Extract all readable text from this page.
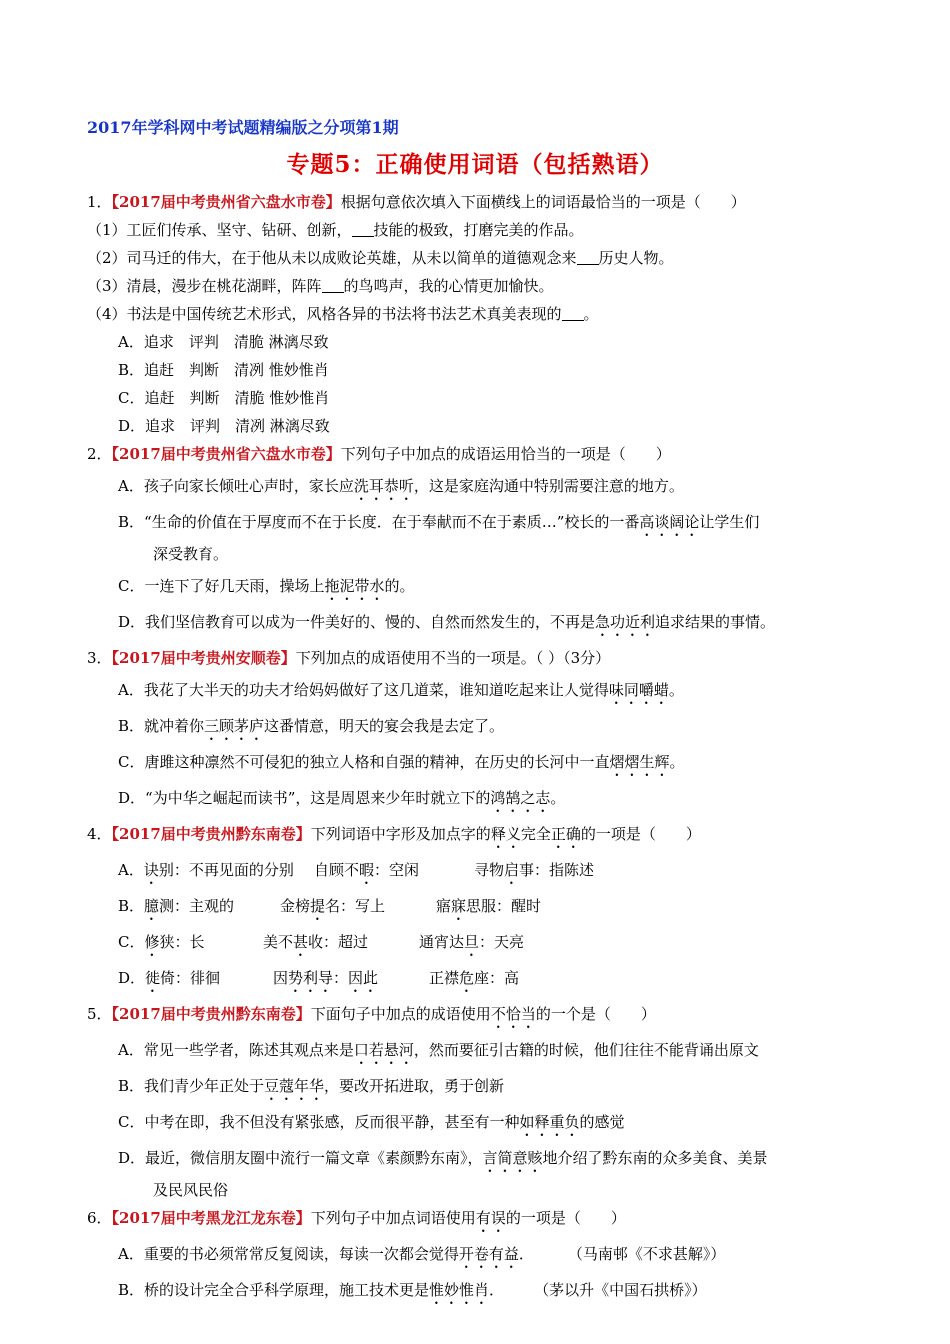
2017年学科网中考试题精编版之分项第1期
专题5：正确使用词语（包括熟语）
1．【2017届中考贵州省六盘水市卷】根据句意依次填入下面横线上的词语最恰当的一项是（　　）
（1）工匠们传承、坚守、钻研、创新， 技能的极致，打磨完美的作品。
（2）司马迁的伟大，在于他从未以成败论英雄，从未以简单的道德观念来 历史人物。
（3）清晨，漫步在桃花湖畔，阵阵 的鸟鸣声，我的心情更加愉快。
（4）书法是中国传统艺术形式，风格各异的书法将书法艺术真美表现的 。
A．追求　评判　清脆 淋漓尽致
B．追赶　判断　清冽 惟妙惟肖
C．追赶　判断　清脆 惟妙惟肖
D．追求　评判　清冽 淋漓尽致
2．【2017届中考贵州省六盘水市卷】下列句子中加点的成语运用恰当的一项是（　　）
A．孩子向家长倾吐心声时，家长应洗耳恭听，这是家庭沟通中特别需要注意的地方。
B．“生命的价值在于厚度而不在于长度．在于奉献而不在于素质…”校长的一番高谈阔论让学生们
深受教育。
C．一连下了好几天雨，操场上拖泥带水的。
D．我们坚信教育可以成为一件美好的、慢的、自然而然发生的，不再是急功近利追求结果的事情。
3．【2017届中考贵州安顺卷】下列加点的成语使用不当的一项是。（ ）（3分）
A．我花了大半天的功夫才给妈妈做好了这几道菜，谁知道吃起来让人觉得味同嚼蜡。
B．就冲着你三顾茅庐这番情意，明天的宴会我是去定了。
C．唐雎这种凛然不可侵犯的独立人格和自强的精神，在历史的长河中一直熠熠生辉。
D．“为中华之崛起而读书”，这是周恩来少年时就立下的鸿鹄之志。
4．【2017届中考贵州黔东南卷】下列词语中字形及加点字的释义完全正确的一项是（　　）
A．诀别：不再见面的分别 自顾不暇：空闲	寻物启事：指陈述
B．臆测：主观的	金榜提名：写上	寤寐思服：醒时
C．修狭：长	美不甚收：超过	通宵达旦：天亮
D．徙倚：徘徊	因势利导：因此	正襟危座：高
5．【2017届中考贵州黔东南卷】下面句子中加点的成语使用不恰当的一个是（　　）
A．常见一些学者，陈述其观点来是口若悬河，然而要征引古籍的时候，他们往往不能背诵出原文
B．我们青少年正处于豆蔻年华，要改开拓进取，勇于创新
C．中考在即，我不但没有紧张感，反而很平静，甚至有一种如释重负的感觉
D．最近，微信朋友圈中流行一篇文章《素颜黔东南》，言简意赅地介绍了黔东南的众多美食、美景
及民风民俗
6．【2017届中考黑龙江龙东卷】下列句子中加点词语使用有误的一项是（　　）
A．重要的书必须常常反复阅读，每读一次都会觉得开卷有益． （马南邨《不求甚解》）
B．桥的设计完全合乎科学原理，施工技术更是惟妙惟肖． （茅以升《中国石拱桥》）
